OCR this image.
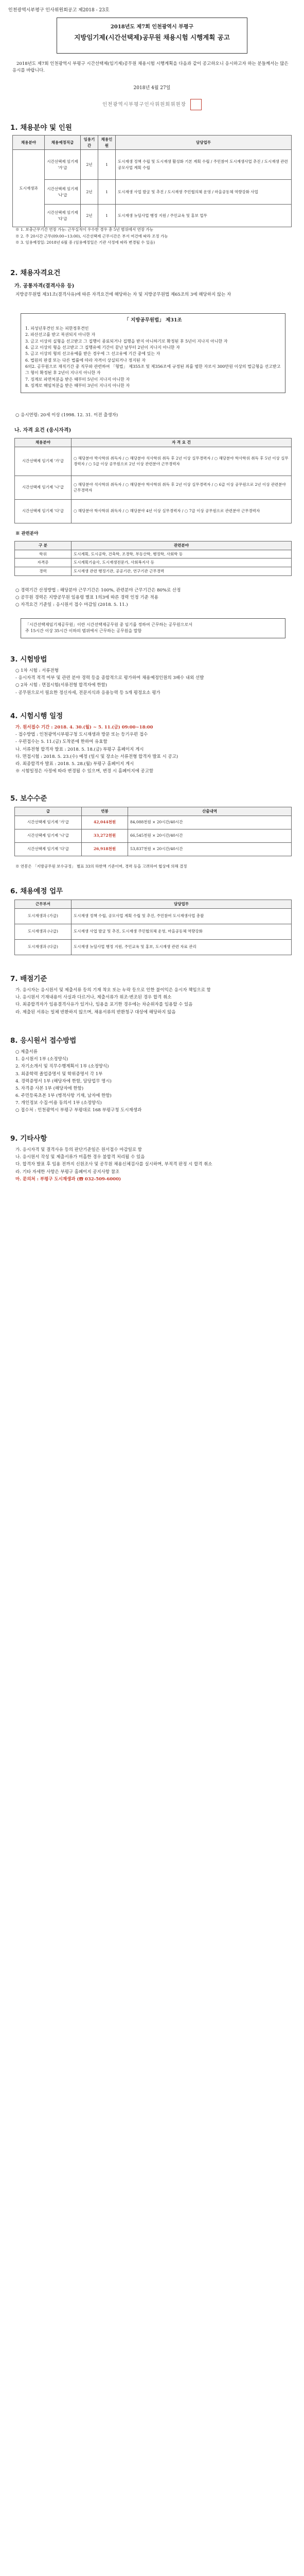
인천광역시부평구 인사위원회공고 제2018 - 23호
2018년도 제7회 인천광역시 부평구
지방임기제(시간선택제)공무원 채용시험 시행계획 공고
2018년도 제7회 인천광역시 부평구 시간선택제(임기제)공무원 채용시험 시행계획을 다음과 같이 공고하오니 응시하고자 하는 분들께서는 많은 응시를 바랍니다.
2018년 4월 27일
인천광역시부평구인사위원회위원장
1. 채용분야 및 인원
채용분야	채용예정직급	임용기간	채용인원	담당업무
도시재생과	시간선택제 임기제 '가'급	2년	1	도시재생 정책 수립 및 도시재생 활성화 기본 계획 수립 / 주민참여 도시재생사업 추진 / 도시재생 관련 공모사업 계획 수립
	시간선택제 임기제 '나'급	2년	1	도시재생 사업 발굴 및 추진 / 도시재생 주민협의체 운영 / 마을공동체 역량강화 사업
	시간선택제 임기제 '다'급	2년	1	도시재생 뉴딜사업 행정 지원 / 주민교육 및 홍보 업무

※ 1. 보충근무기간 연장 가능: 근무실적이 우수한 경우 총 5년 범위에서 연장 가능

※ 2. 주 20시간 근무(09:00~13:00), 시간선택제 근무시간은 부서 여건에 따라 조정 가능

※ 3. 임용예정일: 2018년 6월 중 (임용예정일은 기관 사정에 따라 변경될 수 있음)

2. 채용자격요건
가. 공통자격(결격사유 등)
지방공무원법 제31조(결격사유)에 따른 자격요건에 해당하는 자 및 지방공무원법 제65조의 3에 해당하지 않는 자
「 지방공무원법」 제31조

1. 피성년후견인 또는 피한정후견인

2. 파산선고를 받고 복권되지 아니한 자

3. 금고 이상의 실형을 선고받고 그 집행이 종료되거나 집행을 받지 아니하기로 확정된 후 5년이 지나지 아니한 자

4. 금고 이상의 형을 선고받고 그 집행유예 기간이 끝난 날부터 2년이 지나지 아니한 자

5. 금고 이상의 형의 선고유예를 받은 경우에 그 선고유예 기간 중에 있는 자

6. 법원의 판결 또는 다른 법률에 따라 자격이 상실되거나 정지된 자

6의2. 공무원으로 재직기간 중 직무와 관련하여 「형법」 제355조 및 제356조에 규정된 죄를 범한 자로서 300만원 이상의 벌금형을 선고받고 그 형이 확정된 후 2년이 지나지 아니한 자

7. 징계로 파면처분을 받은 때부터 5년이 지나지 아니한 자

8. 징계로 해임처분을 받은 때부터 3년이 지나지 아니한 자

○ 응시연령: 20세 이상 (1998. 12. 31. 이전 출생자)
나. 자격 요건 (응시자격)
채용분야	자 격 요 건
시간선택제 임기제 '가'급	○ 해당분야 박사학위 취득자 / ○ 해당분야 석사학위 취득 후 2년 이상 실무경력자 / ○ 해당분야 학사학위 취득 후 5년 이상 실무경력자 / ○ 5급 이상 공무원으로 2년 이상 관련분야 근무경력자
시간선택제 임기제 '나'급	○ 해당분야 석사학위 취득자 / ○ 해당분야 학사학위 취득 후 2년 이상 실무경력자 / ○ 6급 이상 공무원으로 2년 이상 관련분야 근무경력자
시간선택제 임기제 '다'급	○ 해당분야 학사학위 취득자 / ○ 해당분야 4년 이상 실무경력자 / ○ 7급 이상 공무원으로 관련분야 근무경력자
※ 관련분야
구 분	관련분야
학위	도시계획, 도시공학, 건축학, 조경학, 부동산학, 행정학, 사회학 등
자격증	도시계획기술사, 도시재생전문가, 사회복지사 등
경력	도시재생 관련 행정기관, 공공기관, 연구기관 근무경력

○ 경력기간 산정방법 : 해당분야 근무기간은 100%, 관련분야 근무기간은 80%로 산정

○ 공무원 경력은 지방공무원 임용령 별표 1의3에 따른 경력 인정 기준 적용

○ 자격요건 기준일 : 응시원서 접수 마감일 (2018. 5. 11.)

「시간선택제임기제공무원」이란 시간선택제공무원 중 임기를 정하여 근무하는 공무원으로서

주 15시간 이상 35시간 이하의 범위에서 근무하는 공무원을 말함

3. 시험방법

○ 1차 시험 : 서류전형

- 응시자격 적격 여부 및 관련 분야 경력 등을 종합적으로 평가하여 채용예정인원의 3배수 내외 선발

○ 2차 시험 : 면접시험(서류전형 합격자에 한함)

- 공무원으로서 필요한 정신자세, 전문지식과 응용능력 등 5개 평정요소 평가

4. 시험시행 일정

가. 원서접수 기간 : 2018. 4. 30.(월) ~ 5. 11.(금) 09:00~18:00

- 접수방법 : 인천광역시부평구청 도시재생과 방문 또는 등기우편 접수

- 우편접수는 5. 11.(금) 도착분에 한하여 유효함

나. 서류전형 합격자 발표 : 2018. 5. 18.(금) 부평구 홈페이지 게시

다. 면접시험 : 2018. 5. 23.(수) 예정 (일시 및 장소는 서류전형 합격자 발표 시 공고)

라. 최종합격자 발표 : 2018. 5. 28.(월) 부평구 홈페이지 게시

※ 시험일정은 사정에 따라 변경될 수 있으며, 변경 시 홈페이지에 공고함

5. 보수수준
급	연봉	산출내역
시간선택제 임기제 '가'급	42,044천원	84,088천원 × 20시간/40시간
시간선택제 임기제 '나'급	33,272천원	66,545천원 × 20시간/40시간
시간선택제 임기제 '다'급	26,918천원	53,837천원 × 20시간/40시간
※ 연봉은 「지방공무원 보수규정」 별표 33의 하한액 기준이며, 경력 등을 고려하여 협상에 의해 결정
6. 채용예정 업무
근무부서	담당업무
도시재생과 (가급)	도시재생 정책 수립, 공모사업 계획 수립 및 추진, 주민참여 도시재생사업 총괄
도시재생과 (나급)	도시재생 사업 발굴 및 추진, 도시재생 주민협의체 운영, 마을공동체 역량강화
도시재생과 (다급)	도시재생 뉴딜사업 행정 지원, 주민교육 및 홍보, 도시재생 관련 자료 관리
7. 배점기준

가. 응시자는 응시원서 및 제출서류 등의 기재 착오 또는 누락 등으로 인한 불이익은 응시자 책임으로 함

나. 응시원서 기재내용이 사실과 다르거나, 제출서류가 위조·변조된 경우 합격 취소

다. 최종합격자가 임용결격사유가 있거나, 임용을 포기한 경우에는 차순위자를 임용할 수 있음

라. 제출된 서류는 일체 반환하지 않으며, 채용서류의 반환청구 대상에 해당하지 않음

8. 응시원서 접수방법

○ 제출서류

1. 응시원서 1부 (소정양식)

2. 자기소개서 및 직무수행계획서 1부 (소정양식)

3. 최종학력 졸업증명서 및 학위증명서 각 1부

4. 경력증명서 1부 (해당자에 한함, 담당업무 명시)

5. 자격증 사본 1부 (해당자에 한함)

6. 주민등록초본 1부 (병적사항 기재, 남자에 한함)

7. 개인정보 수집·이용 동의서 1부 (소정양식)

○ 접수처 : 인천광역시 부평구 부평대로 168 부평구청 도시재생과

9. 기타사항

가. 응시자격 및 결격사유 등의 판단기준일은 원서접수 마감일로 함

나. 응시원서 작성 및 제출서류가 미흡한 경우 불합격 처리될 수 있음

다. 합격자 발표 후 임용 전까지 신원조사 및 공무원 채용신체검사를 실시하며, 부적격 판정 시 합격 취소

라. 기타 자세한 사항은 부평구 홈페이지 공지사항 참조

마. 문의처 : 부평구 도시재생과 (☎ 032-509-6000)
